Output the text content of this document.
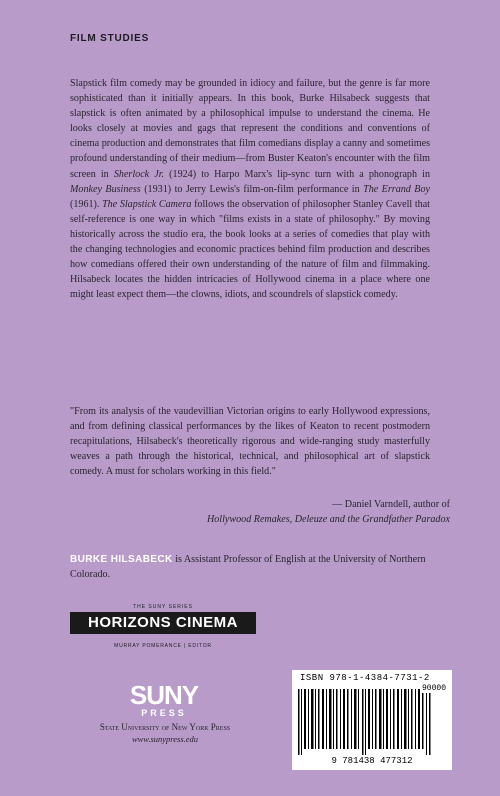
FILM STUDIES

Slapstick film comedy may be grounded in idiocy and failure, but the genre is far more sophisticated than it initially appears. In this book, Burke Hilsabeck suggests that slapstick is often animated by a philosophical impulse to understand the cinema. He looks closely at movies and gags that represent the conditions and conventions of cinema production and demonstrates that film comedians display a canny and sometimes profound understanding of their medium—from Buster Keaton's encounter with the film screen in Sherlock Jr. (1924) to Harpo Marx's lip-sync turn with a phonograph in Monkey Business (1931) to Jerry Lewis's film-on-film performance in The Errand Boy (1961). The Slapstick Camera follows the observation of philosopher Stanley Cavell that self-reference is one way in which "films exists in a state of philosophy." By moving historically across the studio era, the book looks at a series of comedies that play with the changing technologies and economic practices behind film production and describes how comedians offered their own understanding of the nature of film and filmmaking. Hilsabeck locates the hidden intricacies of Hollywood cinema in a place where one might least expect them—the clowns, idiots, and scoundrels of slapstick comedy.

"From its analysis of the vaudevillian Victorian origins to early Hollywood expressions, and from defining classical performances by the likes of Keaton to recent postmodern recapitulations, Hilsabeck's theoretically rigorous and wide-ranging study masterfully weaves a path through the historical, technical, and philosophical art of slapstick comedy. A must for scholars working in this field."

— Daniel Varndell, author of
Hollywood Remakes, Deleuze and the Grandfather Paradox

BURKE HILSABECK is Assistant Professor of English at the University of Northern Colorado.

THE SUNY SERIES
HORIZONS CINEMA
MURRAY POMERANCE | EDITOR
SUNY
PRESS
State University of New York Press
www.sunypress.edu
ISBN 978-1-4384-7731-2
90000
9 781438 477312
